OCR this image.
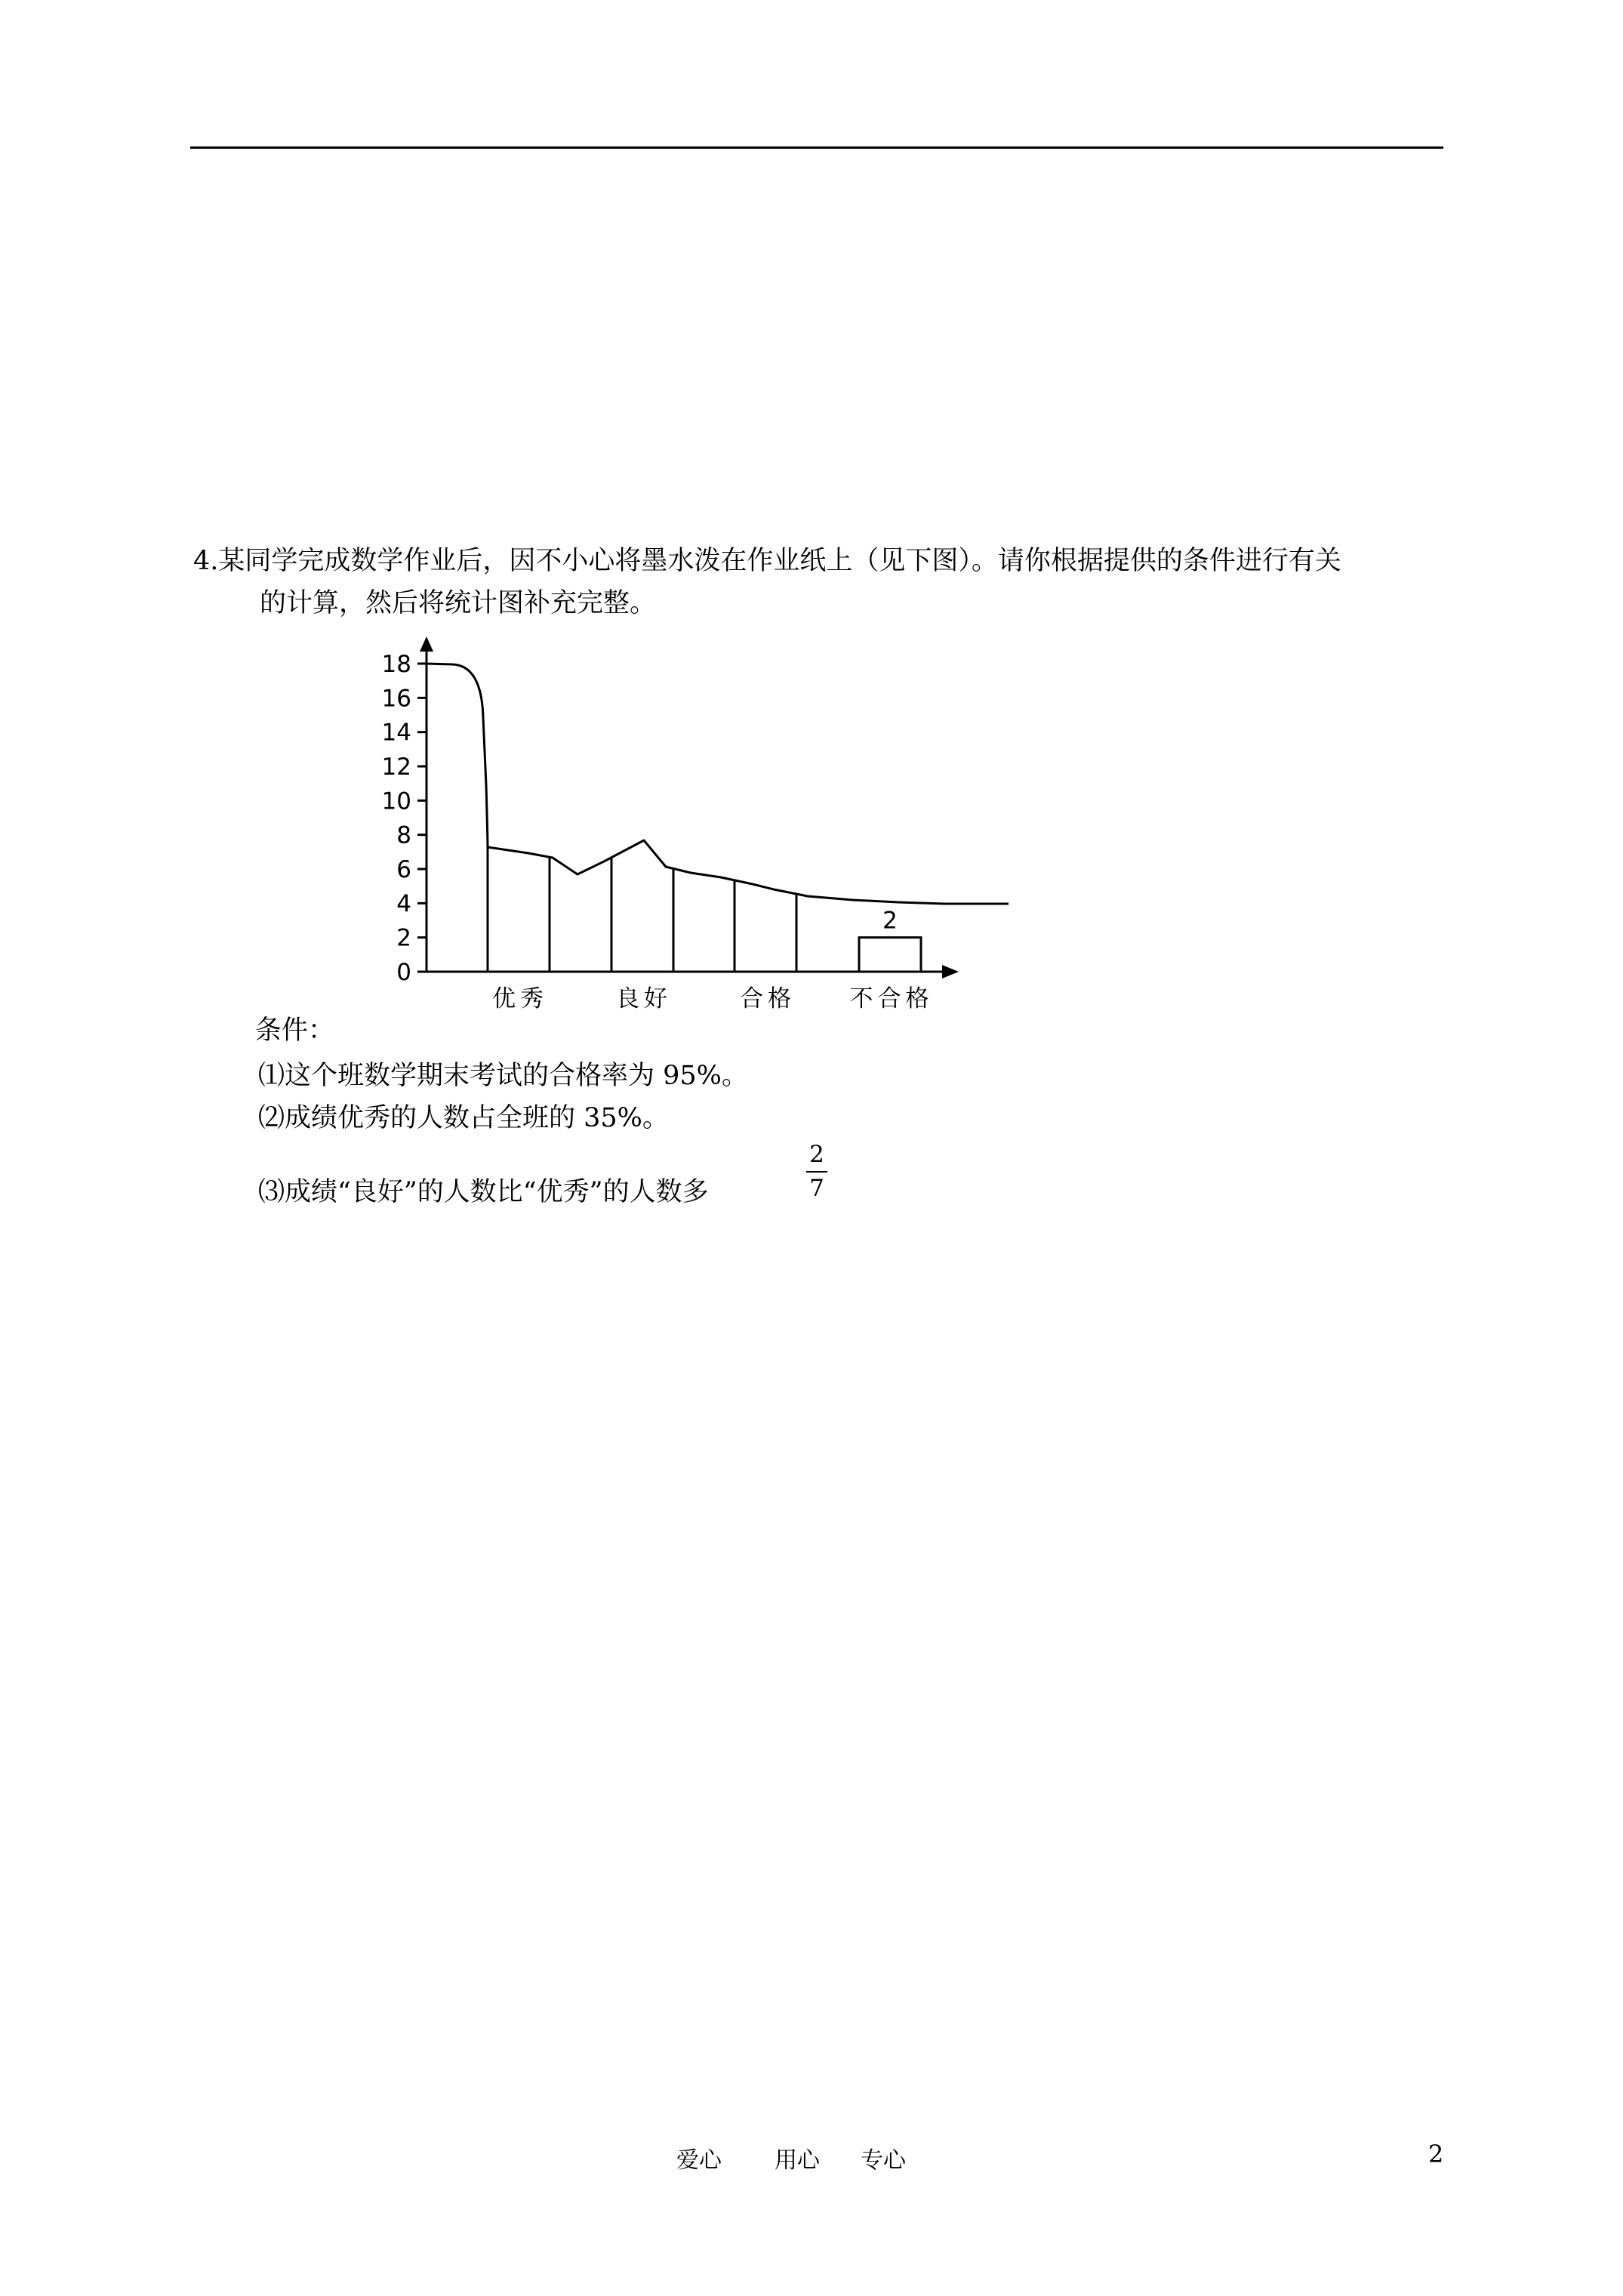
4.某同学完成数学作业后，因不小心将墨水泼在作业纸上（见下图）。请你根据提供的条件进行有关
的计算，然后将统计图补充完整。
0
2
4
6
8
10
12
14
16
18
2
优秀	良好	合格 不合格
条件：
⑴这个班数学期末考试的合格率为 95%。
⑵成绩优秀的人数占全班的 35%。
⑶成绩“良好”的人数比“优秀”的人数多
2
7
爱心 用心 专心	2
